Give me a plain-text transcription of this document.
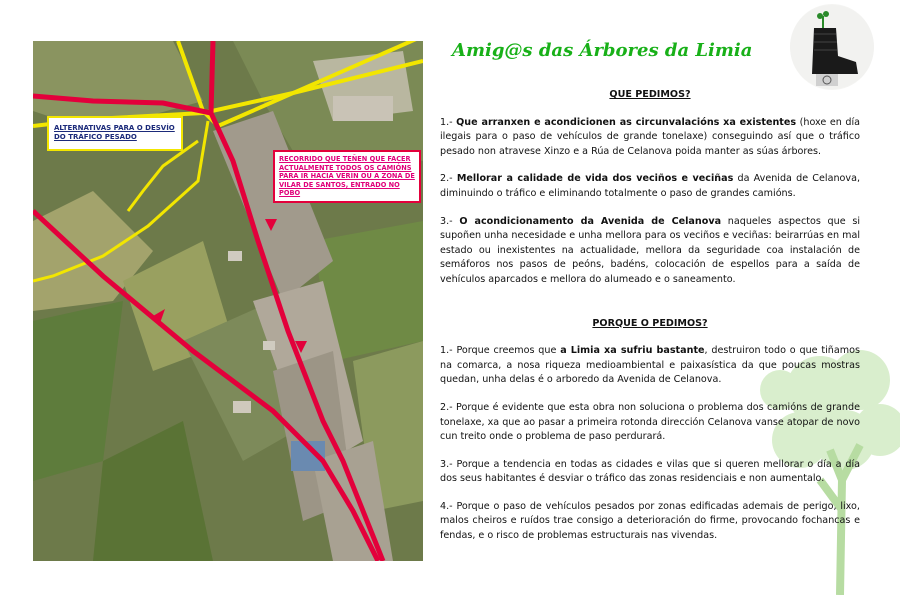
ALTERNATIVAS PARA O DESVÍO DO TRÁFICO PESADO
RECORRIDO QUE TEÑEN QUE FACER ACTUALMENTE TODOS OS CAMIÓNS PARA IR HACIA VERÍN OU A ZONA DE VILAR DE SANTOS, ENTRADO NO POBO
Amig@s das Árbores da Limia
QUE PEDIMOS?

1.- Que arranxen e acondicionen as circunvalacións xa existentes (hoxe en día ilegais para o paso de vehículos de grande tonelaxe) conseguindo así que o tráfico pesado non atravese Xinzo e a Rúa de Celanova poida manter as súas árbores.

2.- Mellorar a calidade de vida dos veciños e veciñas da Avenida de Celanova, diminuindo o tráfico e eliminando totalmente o paso de grandes camións.

3.- O acondicionamento da Avenida de Celanova naqueles aspectos que si supoñen unha necesidade e unha mellora para os veciños e veciñas: beirarrúas en mal estado ou inexistentes na actualidade, mellora da seguridade coa instalación de semáforos nos pasos de peóns, badéns, colocación de espellos para a saída de vehículos aparcados e mellora do alumeado e o saneamento.

PORQUE O PEDIMOS?

1.- Porque creemos que a Limia xa sufriu bastante, destruiron todo o que tiñamos na comarca, a nosa riqueza medioambiental e paixasística da que poucas mostras quedan, unha delas é o arboredo da Avenida de Celanova.

2.- Porque é evidente que esta obra non soluciona o problema dos camións de grande tonelaxe, xa que ao pasar a primeira rotonda dirección Celanova vanse atopar de novo cun treito onde o problema de paso perdurará.

3.- Porque a tendencia en todas as cidades e vilas que si queren mellorar o día a día dos seus habitantes é desviar o tráfico das zonas residenciais e non aumentalo.

4.- Porque o paso de vehículos pesados por zonas edificadas ademais de perigo, lixo, malos cheiros e ruídos trae consigo a deterioración do firme, provocando fochancas e fendas, e o risco de problemas estructurais nas vivendas.
